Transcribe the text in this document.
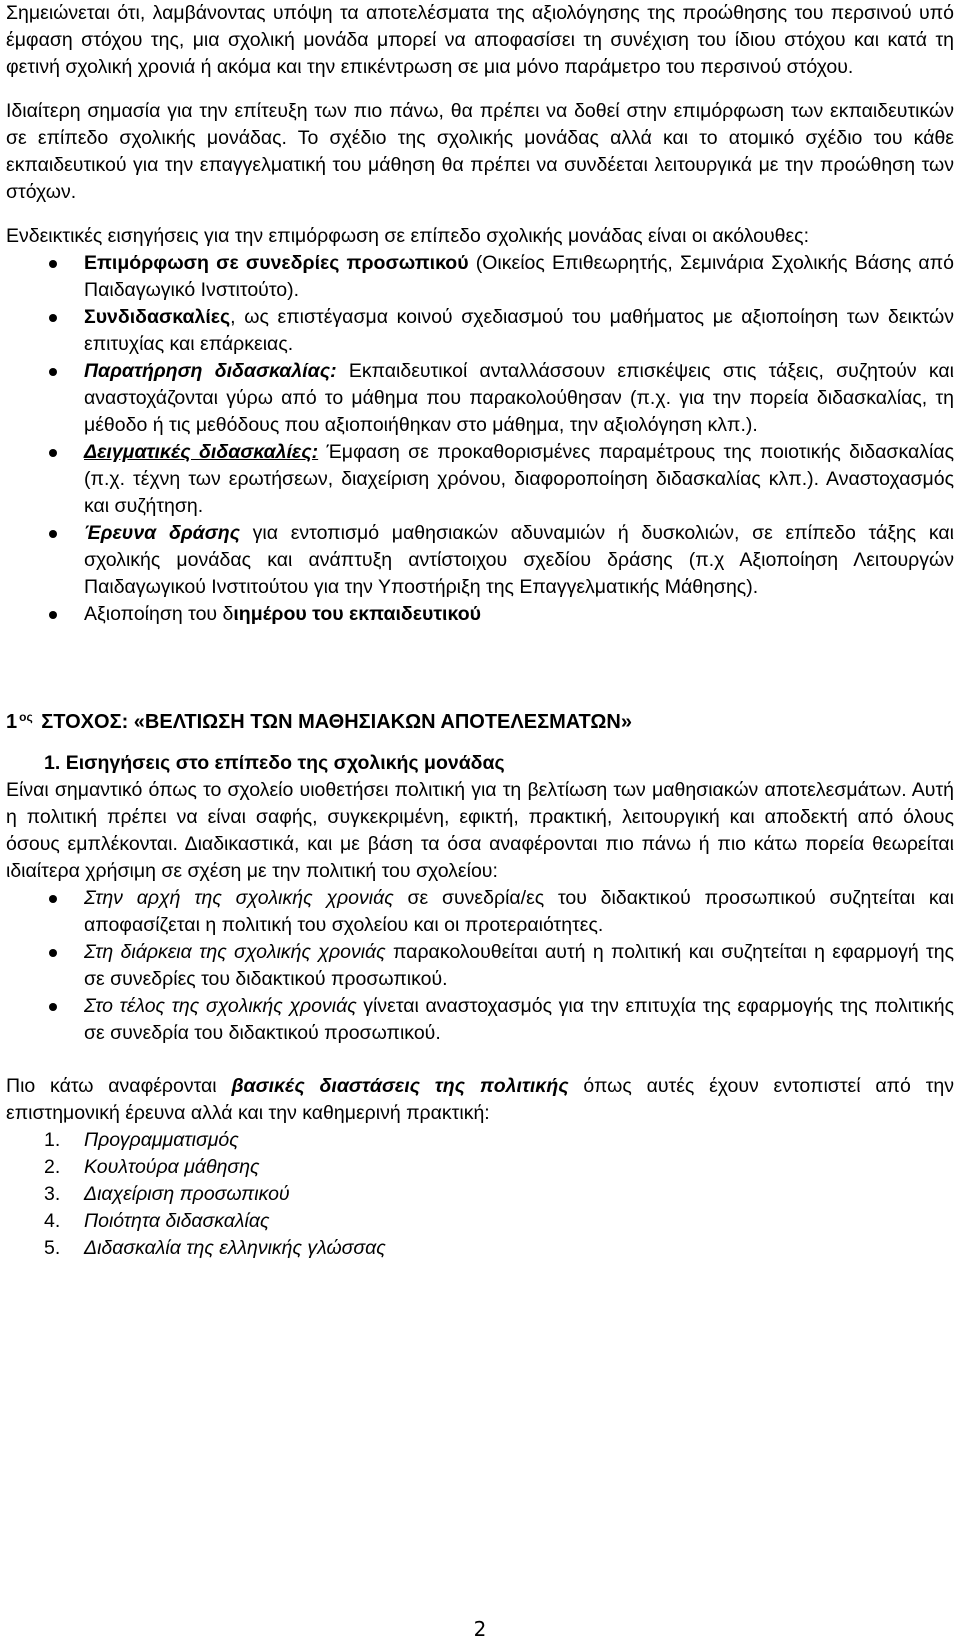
Σημειώνεται ότι, λαμβάνοντας υπόψη τα αποτελέσματα της αξιολόγησης της προώθησης του περσινού υπό έμφαση στόχου της, μια σχολική μονάδα μπορεί να αποφασίσει τη συνέχιση του ίδιου στόχου και κατά τη φετινή σχολική χρονιά ή ακόμα και την επικέντρωση σε μια μόνο παράμετρο του περσινού στόχου.

Ιδιαίτερη σημασία για την επίτευξη των πιο πάνω, θα πρέπει να δοθεί στην επιμόρφωση των εκπαιδευτικών σε επίπεδο σχολικής μονάδας. Το σχέδιο της σχολικής μονάδας αλλά και το ατομικό σχέδιο του κάθε εκπαιδευτικού για την επαγγελματική του μάθηση θα πρέπει να συνδέεται λειτουργικά με την προώθηση των στόχων.

Ενδεικτικές εισηγήσεις για την επιμόρφωση σε επίπεδο σχολικής μονάδας είναι οι ακόλουθες:

Επιμόρφωση σε συνεδρίες προσωπικού (Οικείος Επιθεωρητής, Σεμινάρια Σχολικής Βάσης από Παιδαγωγικό Ινστιτούτο).
Συνδιδασκαλίες, ως επιστέγασμα κοινού σχεδιασμού του μαθήματος με αξιοποίηση των δεικτών επιτυχίας και επάρκειας.
Παρατήρηση διδασκαλίας: Εκπαιδευτικοί ανταλλάσσουν επισκέψεις στις τάξεις, συζητούν και αναστοχάζονται γύρω από το μάθημα που παρακολούθησαν (π.χ. για την πορεία διδασκαλίας, τη μέθοδο ή τις μεθόδους που αξιοποιήθηκαν στο μάθημα, την αξιολόγηση κλπ.).
Δειγματικές διδασκαλίες: Έμφαση σε προκαθορισμένες παραμέτρους της ποιοτικής διδασκαλίας (π.χ. τέχνη των ερωτήσεων, διαχείριση χρόνου, διαφοροποίηση διδασκαλίας κλπ.). Αναστοχασμός και συζήτηση.
Έρευνα δράσης για εντοπισμό μαθησιακών αδυναμιών ή δυσκολιών, σε επίπεδο τάξης και σχολικής μονάδας και ανάπτυξη αντίστοιχου σχεδίου δράσης (π.χ Αξιοποίηση Λειτουργών Παιδαγωγικού Ινστιτούτου για την Υποστήριξη της Επαγγελματικής Μάθησης).
Αξιοποίηση του διημέρου του εκπαιδευτικού
1 $^{o\varsigma}$ ΣΤΟΧΟΣ: «ΒΕΛΤΙΩΣΗ ΤΩΝ ΜΑΘΗΣΙΑΚΩΝ ΑΠΟΤΕΛΕΣΜΑΤΩΝ»
1. Εισηγήσεις στο επίπεδο της σχολικής μονάδας

Είναι σημαντικό όπως το σχολείο υιοθετήσει πολιτική για τη βελτίωση των μαθησιακών αποτελεσμάτων. Αυτή η πολιτική πρέπει να είναι σαφής, συγκεκριμένη, εφικτή, πρακτική, λειτουργική και αποδεκτή από όλους όσους εμπλέκονται. Διαδικαστικά, και με βάση τα όσα αναφέρονται πιο πάνω ή πιο κάτω πορεία θεωρείται ιδιαίτερα χρήσιμη σε σχέση με την πολιτική του σχολείου:

Στην αρχή της σχολικής χρονιάς σε συνεδρία/ες του διδακτικού προσωπικού συζητείται και αποφασίζεται η πολιτική του σχολείου και οι προτεραιότητες.
Στη διάρκεια της σχολικής χρονιάς παρακολουθείται αυτή η πολιτική και συζητείται η εφαρμογή της σε συνεδρίες του διδακτικού προσωπικού.
Στο τέλος της σχολικής χρονιάς γίνεται αναστοχασμός για την επιτυχία της εφαρμογής της πολιτικής σε συνεδρία του διδακτικού προσωπικού.

Πιο κάτω αναφέρονται βασικές διαστάσεις της πολιτικής όπως αυτές έχουν εντοπιστεί από την επιστημονική έρευνα αλλά και την καθημερινή πρακτική:

1. Προγραμματισμός
2. Κουλτούρα μάθησης
3. Διαχείριση προσωπικού
4. Ποιότητα διδασκαλίας
5. Διδασκαλία της ελληνικής γλώσσας
2
